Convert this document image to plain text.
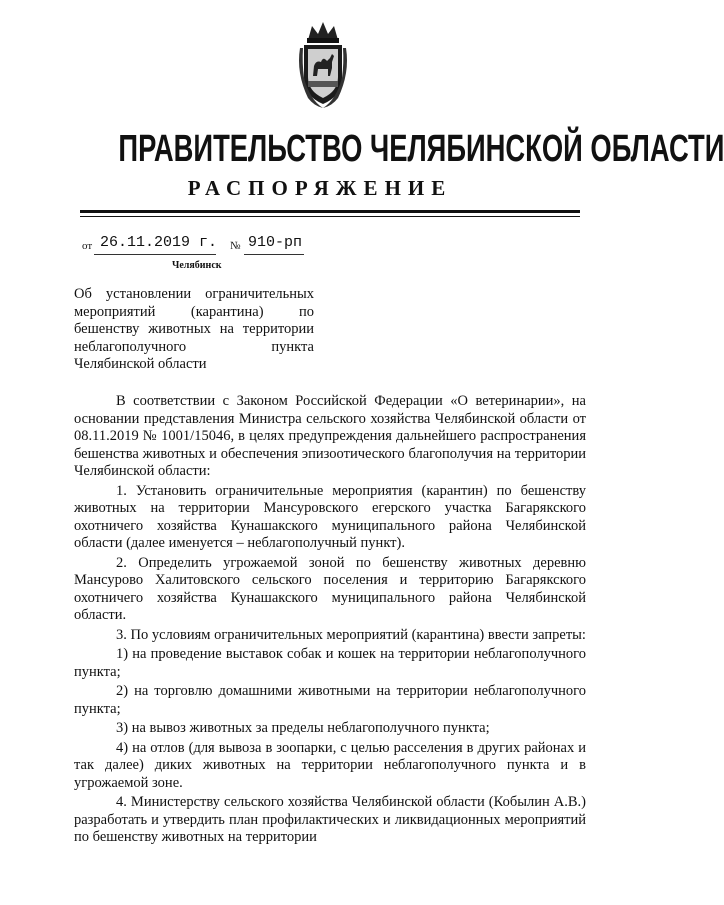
ПРАВИТЕЛЬСТВО ЧЕЛЯБИНСКОЙ ОБЛАСТИ
РАСПОРЯЖЕНИЕ
от 26.11.2019 г. № 910-рп
Челябинск
Об установлении ограничительных мероприятий (карантина) по бешенству животных на территории неблагополучного пункта Челябинской области

В соответствии с Законом Российской Федерации «О ветеринарии», на основании представления Министра сельского хозяйства Челябинской области от 08.11.2019 № 1001/15046, в целях предупреждения дальнейшего распространения бешенства животных и обеспечения эпизоотического благополучия на территории Челябинской области:

1. Установить ограничительные мероприятия (карантин) по бешенству животных на территории Мансуровского егерского участка Багарякского охотничего хозяйства Кунашакского муниципального района Челябинской области (далее именуется – неблагополучный пункт).

2. Определить угрожаемой зоной по бешенству животных деревню Мансурово Халитовского сельского поселения и территорию Багарякского охотничего хозяйства Кунашакского муниципального района Челябинской области.

3. По условиям ограничительных мероприятий (карантина) ввести запреты:

1) на проведение выставок собак и кошек на территории неблагополучного пункта;

2) на торговлю домашними животными на территории неблагополучного пункта;

3) на вывоз животных за пределы неблагополучного пункта;

4) на отлов (для вывоза в зоопарки, с целью расселения в других районах и так далее) диких животных на территории неблагополучного пункта и в угрожаемой зоне.

4. Министерству сельского хозяйства Челябинской области (Кобылин А.В.) разработать и утвердить план профилактических и ликвидационных мероприятий по бешенству животных на территории
